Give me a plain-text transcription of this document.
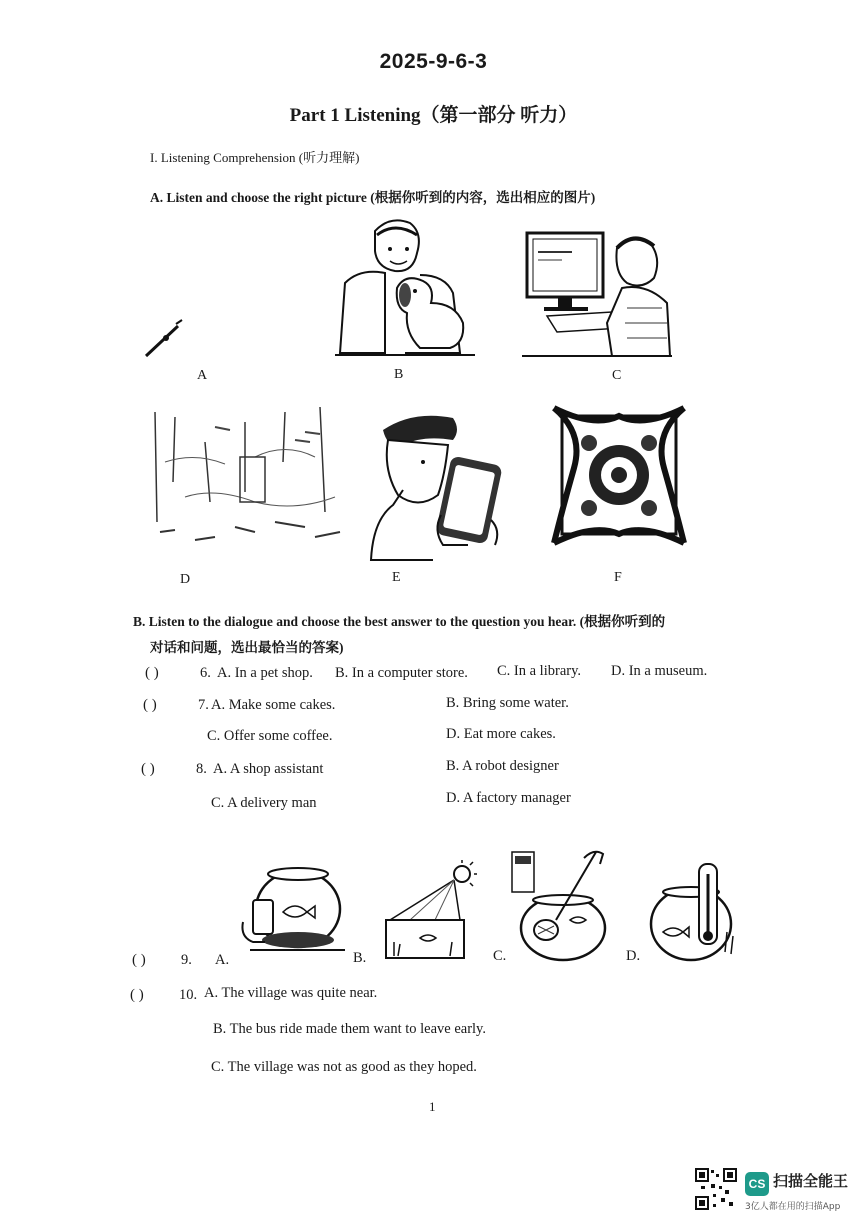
2025-9-6-3
Part 1 Listening（第一部分 听力）
I. Listening Comprehension (听力理解)
A. Listen and choose the right picture (根据你听到的内容，选出相应的图片)
A	B	C
D	E	F
B. Listen to the dialogue and choose the best answer to the question you hear. (根据你听到的
对话和问题，选出最恰当的答案)
( )	6. A. In a pet shop. B. In a computer store. C. In a library. D. In a museum.
( )	7. A. Make some cakes.	B. Bring some water.
C. Offer some coffee.	D. Eat more cakes.
( )	8. A. A shop assistant	B. A robot designer
C. A delivery man	D. A factory manager
( ) 9. A.	B.	C.	D.
( ) 10. A. The village was quite near.
B. The bus ride made them want to leave early.
C. The village was not as good as they hoped.
1
CS 扫描全能王
3亿人都在用的扫描App
